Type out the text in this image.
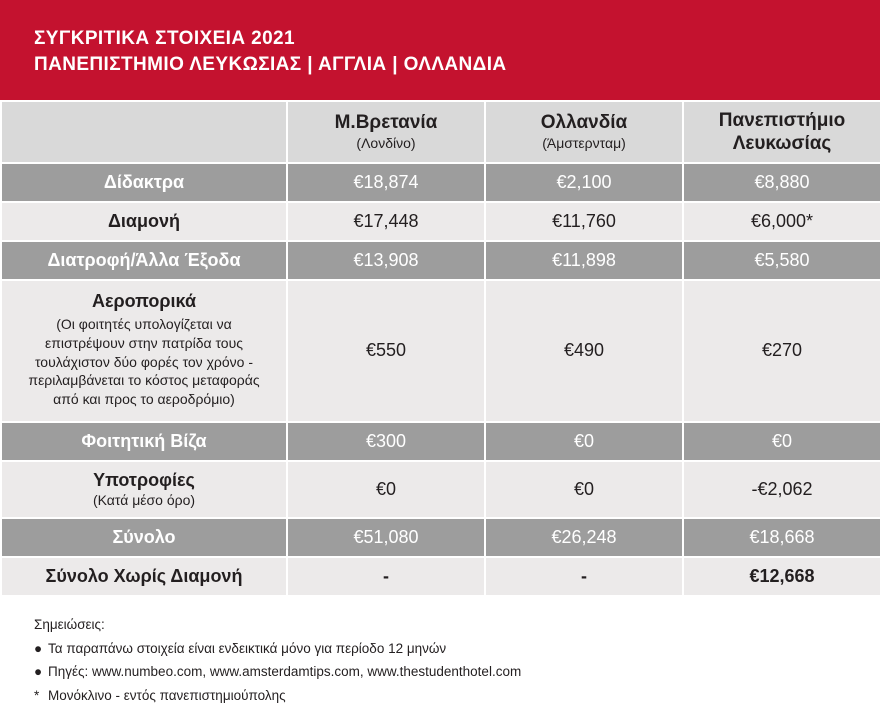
ΣΥΓΚΡΙΤΙΚΑ ΣΤΟΙΧΕΙΑ 2021
ΠΑΝΕΠΙΣΤΗΜΙΟ ΛΕΥΚΩΣΙΑΣ | ΑΓΓΛΙΑ | ΟΛΛΑΝΔΙΑ

Μ.Βρετανία
(Λονδίνο)

Ολλανδία
(Άμστερνταμ)

Πανεπιστήμιο
Λευκωσίας

Δίδακτρα	€18,874	€2,100	€8,880
Διαμονή	€17,448	€11,760	€6,000*
Διατροφή/Άλλα Έξοδα	€13,908	€11,898	€5,580

Αεροπορικά
(Οι φοιτητές υπολογίζεται να επιστρέψουν στην πατρίδα τους τουλάχιστον δύο φορές τον χρόνο - περιλαμβάνεται το κόστος μεταφοράς από και προς το αεροδρόμιο)	€550	€490	€270
Φοιτητική Βίζα	€300	€0	€0

Υποτροφίες
(Κατά μέσο όρο)	€0	€0	-€2,062
Σύνολο	€51,080	€26,248	€18,668
Σύνολο Χωρίς Διαμονή	-	-	€12,668
Σημειώσεις:
● Τα παραπάνω στοιχεία είναι ενδεικτικά μόνο για περίοδο 12 μηνών
● Πηγές: www.numbeo.com, www.amsterdamtips.com, www.thestudenthotel.com
* Μονόκλινο - εντός πανεπιστημιούπολης
